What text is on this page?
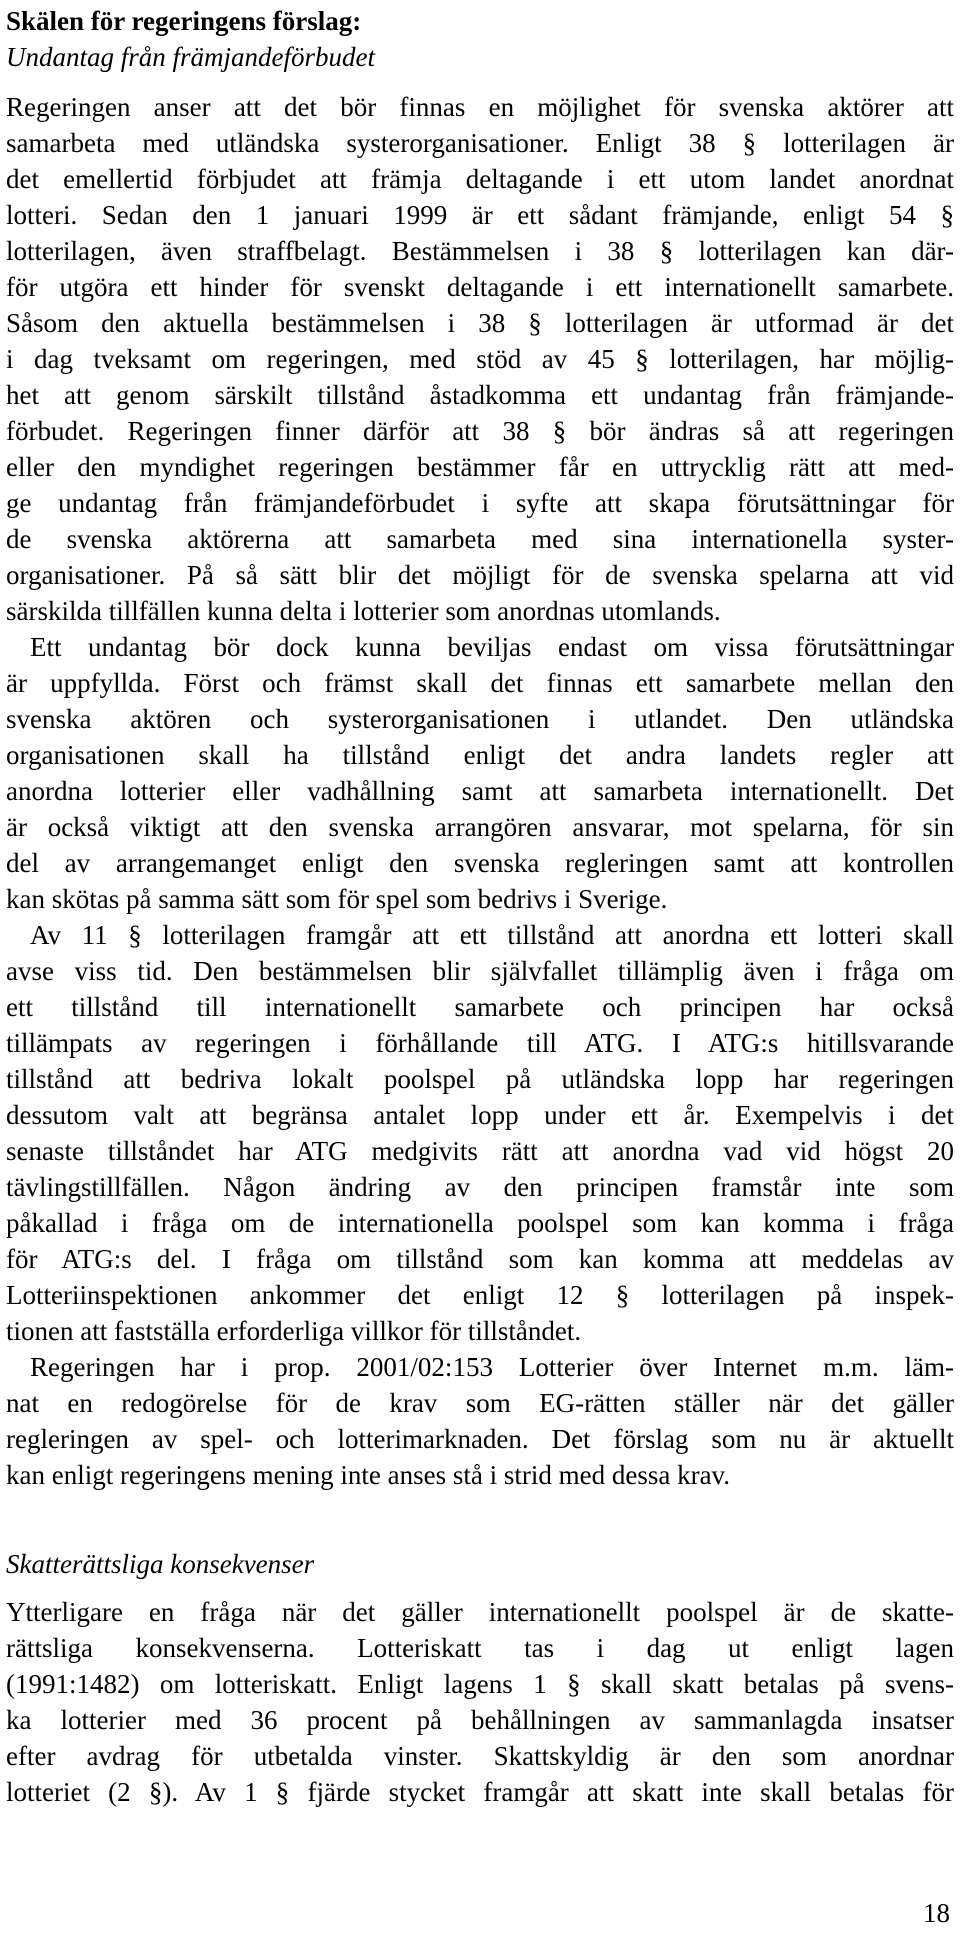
Skälen för regeringens förslag:
Undantag från främjandeförbudet
Regeringen anser att det bör finnas en möjlighet för svenska aktörer att
samarbeta med utländska systerorganisationer. Enligt 38 § lotterilagen är
det emellertid förbjudet att främja deltagande i ett utom landet anordnat
lotteri. Sedan den 1 januari 1999 är ett sådant främjande, enligt 54 §
lotterilagen, även straffbelagt. Bestämmelsen i 38 § lotterilagen kan där-
för utgöra ett hinder för svenskt deltagande i ett internationellt samarbete.
Såsom den aktuella bestämmelsen i 38 § lotterilagen är utformad är det
i dag tveksamt om regeringen, med stöd av 45 § lotterilagen, har möjlig-
het att genom särskilt tillstånd åstadkomma ett undantag från främjande-
förbudet. Regeringen finner därför att 38 § bör ändras så att regeringen
eller den myndighet regeringen bestämmer får en uttrycklig rätt att med-
ge undantag från främjandeförbudet i syfte att skapa förutsättningar för
de svenska aktörerna att samarbeta med sina internationella syster-
organisationer. På så sätt blir det möjligt för de svenska spelarna att vid
särskilda tillfällen kunna delta i lotterier som anordnas utomlands.
Ett undantag bör dock kunna beviljas endast om vissa förutsättningar
är uppfyllda. Först och främst skall det finnas ett samarbete mellan den
svenska aktören och systerorganisationen i utlandet. Den utländska
organisationen skall ha tillstånd enligt det andra landets regler att
anordna lotterier eller vadhållning samt att samarbeta internationellt. Det
är också viktigt att den svenska arrangören ansvarar, mot spelarna, för sin
del av arrangemanget enligt den svenska regleringen samt att kontrollen
kan skötas på samma sätt som för spel som bedrivs i Sverige.
Av 11 § lotterilagen framgår att ett tillstånd att anordna ett lotteri skall
avse viss tid. Den bestämmelsen blir självfallet tillämplig även i fråga om
ett tillstånd till internationellt samarbete och principen har också
tillämpats av regeringen i förhållande till ATG. I ATG:s hitillsvarande
tillstånd att bedriva lokalt poolspel på utländska lopp har regeringen
dessutom valt att begränsa antalet lopp under ett år. Exempelvis i det
senaste tillståndet har ATG medgivits rätt att anordna vad vid högst 20
tävlingstillfällen. Någon ändring av den principen framstår inte som
påkallad i fråga om de internationella poolspel som kan komma i fråga
för ATG:s del. I fråga om tillstånd som kan komma att meddelas av
Lotteriinspektionen ankommer det enligt 12 § lotterilagen på inspek-
tionen att fastställa erforderliga villkor för tillståndet.
Regeringen har i prop. 2001/02:153 Lotterier över Internet m.m. läm-
nat en redogörelse för de krav som EG-rätten ställer när det gäller
regleringen av spel- och lotterimarknaden. Det förslag som nu är aktuellt
kan enligt regeringens mening inte anses stå i strid med dessa krav.
Skatterättsliga konsekvenser
Ytterligare en fråga när det gäller internationellt poolspel är de skatte-
rättsliga konsekvenserna. Lotteriskatt tas i dag ut enligt lagen
(1991:1482) om lotteriskatt. Enligt lagens 1 § skall skatt betalas på svens-
ka lotterier med 36 procent på behållningen av sammanlagda insatser
efter avdrag för utbetalda vinster. Skattskyldig är den som anordnar
lotteriet (2 §). Av 1 § fjärde stycket framgår att skatt inte skall betalas för
18
